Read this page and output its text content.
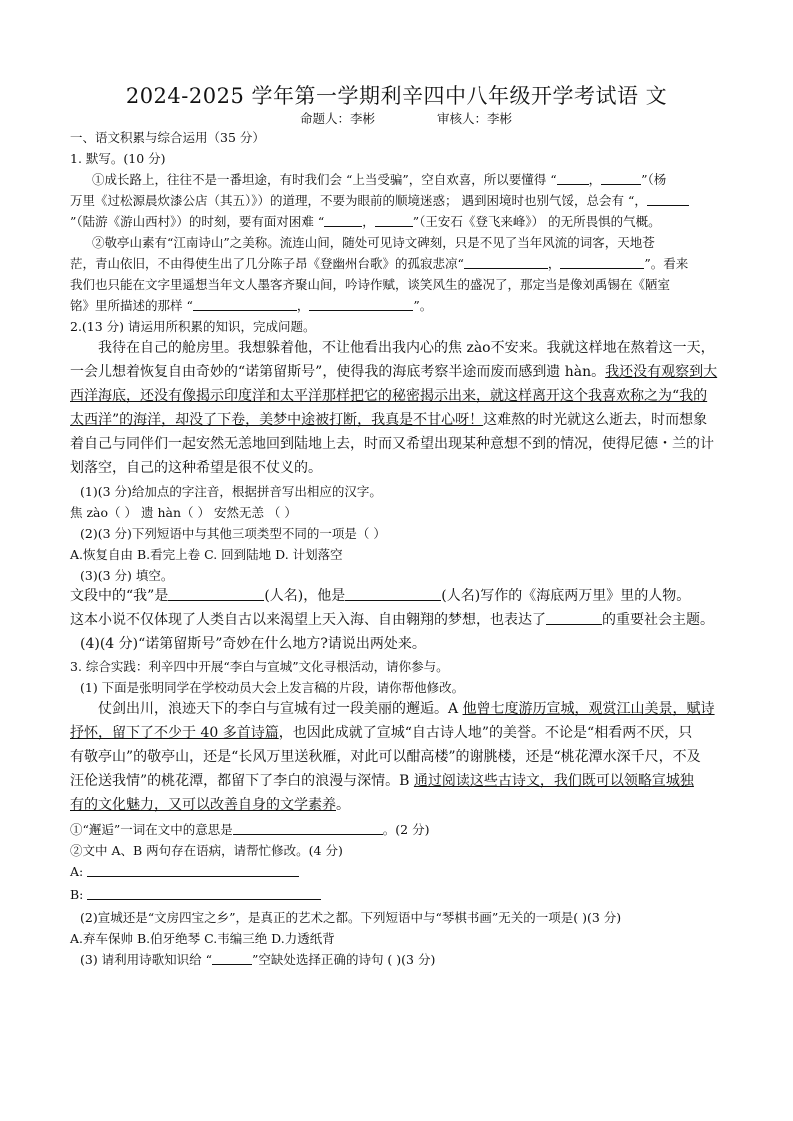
2024-2025 学年第一学期利辛四中八年级开学考试语 文
命题人：李彬	审核人：李彬
一、语文积累与综合运用（35 分）
1. 默写。(10 分)
①成长路上，往往不是一番坦途，有时我们会 “上当受骗”，空自欢喜，所以要懂得 “	，	”（杨
万里《过松源晨炊漆公店（其五）》）的道理，不要为眼前的顺境迷惑； 遇到困境时也别气馁，总会有 “，
”（陆游《游山西村》）的时刻，要有面对困难 “	，	”（王安石《登飞来峰》） 的无所畏惧的气概。
②敬亭山素有“江南诗山”之美称。流连山间，随处可见诗文碑刻，只是不见了当年风流的词客，天地苍
茫，青山依旧，不由得使生出了几分陈子昂《登幽州台歌》的孤寂悲凉“	，	”。看来
我们也只能在文字里遥想当年文人墨客齐聚山间，吟诗作赋，谈笑风生的盛况了，那定当是像刘禹锡在《陋室
铭》里所描述的那样 “	，	”。
2.(13 分) 请运用所积累的知识，完成问题。
我待在自己的舱房里。我想躲着他，不让他看出我内心的焦 zào不安来。我就这样地在熬着这一天，
一会儿想着恢复自由奇妙的“诺第留斯号”，使得我的海底考察半途而废而感到遗 hàn。我还没有观察到大
西洋海底，还没有像揭示印度洋和太平洋那样把它的秘密揭示出来，就这样离开这个我喜欢称之为“我的
太西洋”的海洋，却没了下卷，美梦中途被打断，我真是不甘心呀！这难熬的时光就这么逝去，时而想象
着自己与同伴们一起安然无恙地回到陆地上去，时而又希望出现某种意想不到的情况，使得尼德・兰的计
划落空，自己的这种希望是很不仗义的。
(1)(3 分)给加点的字注音，根据拼音写出相应的汉字。
焦 zào（ ） 遗 hàn（ ） 安然无恙 （ ）
(2)(3 分)下列短语中与其他三项类型不同的一项是（ ）
A.恢复自由 B.看完上卷 C. 回到陆地 D. 计划落空
(3)(3 分) 填空。
文段中的“我”是	(人名)，他是	(人名)写作的《海底两万里》里的人物。
这本小说不仅体现了人类自古以来渴望上天入海、自由翱翔的梦想，也表达了	的重要社会主题。
(4)(4 分)“诺第留斯号”奇妙在什么地方?请说出两处来。
3. 综合实践：利辛四中开展“李白与宣城”文化寻根活动，请你参与。
(1) 下面是张明同学在学校动员大会上发言稿的片段，请你帮他修改。
仗剑出川，浪迹天下的李白与宣城有过一段美丽的邂逅。A 他曾七度游历宣城，观赏江山美景，赋诗
抒怀，留下了不少于 40 多首诗篇，也因此成就了宣城“自古诗人地”的美誉。不论是“相看两不厌，只
有敬亭山”的敬亭山，还是“长风万里送秋雁，对此可以酣高楼”的谢朓楼，还是“桃花潭水深千尺，不及
汪伦送我情”的桃花潭，都留下了李白的浪漫与深情。B 通过阅读这些古诗文，我们既可以领略宣城独
有的文化魅力，又可以改善自身的文学素养。
①“邂逅”一词在文中的意思是	。(2 分)
②文中 A、B 两句存在语病，请帮忙修改。(4 分)
A:
B:
(2)宣城还是“文房四宝之乡”，是真正的艺术之都。下列短语中与“琴棋书画”无关的一项是( )(3 分)
A.弃车保帅 B.伯牙绝琴 C.韦编三绝 D.力透纸背
(3) 请利用诗歌知识给 “	”空缺处选择正确的诗句 ( )(3 分)
